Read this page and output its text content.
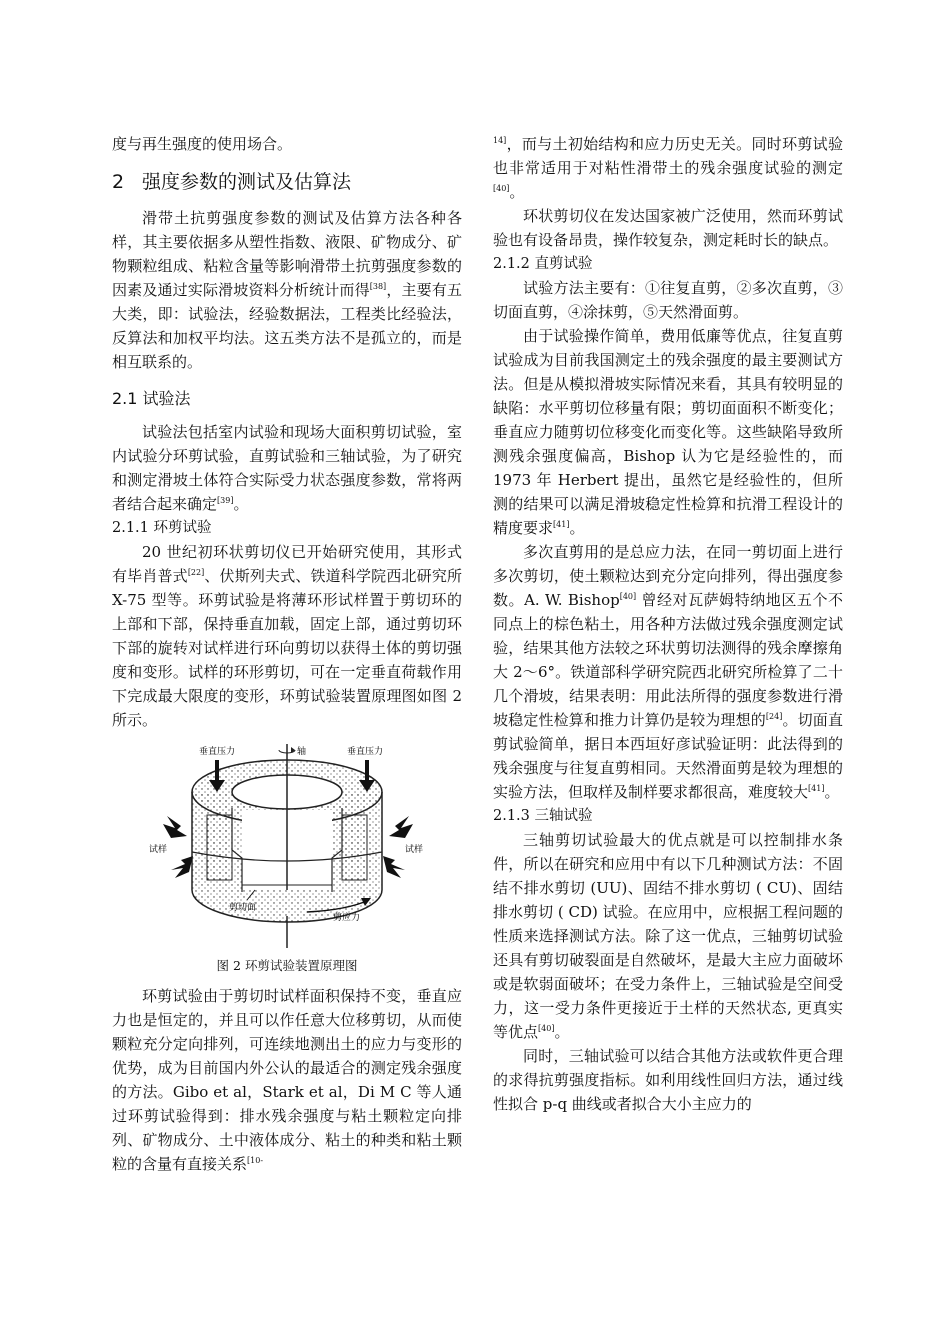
度与再生强度的使用场合。

2 强度参数的测试及估算法

滑带土抗剪强度参数的测试及估算方法各种各样，其主要依据多从塑性指数、液限、矿物成分、矿物颗粒组成、粘粒含量等影响滑带土抗剪强度参数的因素及通过实际滑坡资料分析统计而得[38]，主要有五大类，即：试验法，经验数据法，工程类比经验法，反算法和加权平均法。这五类方法不是孤立的，而是相互联系的。

2.1 试验法

试验法包括室内试验和现场大面积剪切试验，室内试验分环剪试验，直剪试验和三轴试验，为了研究和测定滑坡土体符合实际受力状态强度参数，常将两者结合起来确定[39]。

2.1.1 环剪试验

20 世纪初环状剪切仪已开始研究使用，其形式有毕肖普式[22]、伏斯列夫式、铁道科学院西北研究所 X-75 型等。环剪试验是将薄环形试样置于剪切环的上部和下部，保持垂直加载，固定上部，通过剪切环下部的旋转对试样进行环向剪切以获得土体的剪切强度和变形。试样的环形剪切，可在一定垂直荷载作用下完成最大限度的变形，环剪试验装置原理图如图 2 所示。

轴
垂直压力	垂直压力
试样	试样
剪切面
剪应力
图 2 环剪试验装置原理图

环剪试验由于剪切时试样面积保持不变，垂直应力也是恒定的，并且可以作任意大位移剪切，从而使颗粒充分定向排列，可连续地测出土的应力与变形的优势，成为目前国内外公认的最适合的测定残余强度的方法。Gibo et al，Stark et al，Di M C 等人通过环剪试验得到：排水残余强度与粘土颗粒定向排列、矿物成分、土中液体成分、粘土的种类和粘土颗粒的含量有直接关系$^{[10-}$

$^{14]}$，而与土初始结构和应力历史无关。同时环剪试验也非常适用于对粘性滑带土的残余强度试验的测定[40]。

环状剪切仪在发达国家被广泛使用，然而环剪试验也有设备昂贵，操作较复杂，测定耗时长的缺点。

2.1.2 直剪试验

试验方法主要有：①往复直剪，②多次直剪，③切面直剪，④涂抹剪，⑤天然滑面剪。

由于试验操作简单，费用低廉等优点，往复直剪试验成为目前我国测定土的残余强度的最主要测试方法。但是从模拟滑坡实际情况来看，其具有较明显的缺陷：水平剪切位移量有限；剪切面面积不断变化；垂直应力随剪切位移变化而变化等。这些缺陷导致所测残余强度偏高，Bishop 认为它是经验性的，而 1973 年 Herbert 提出，虽然它是经验性的，但所测的结果可以满足滑坡稳定性检算和抗滑工程设计的精度要求[41]。

多次直剪用的是总应力法，在同一剪切面上进行多次剪切，使土颗粒达到充分定向排列，得出强度参数。A. W. Bishop[40] 曾经对瓦萨姆特纳地区五个不同点上的棕色粘土，用各种方法做过残余强度测定试验，结果其他方法较之环状剪切法测得的残余摩擦角大 2～6°。铁道部科学研究院西北研究所检算了二十几个滑坡，结果表明：用此法所得的强度参数进行滑坡稳定性检算和推力计算仍是较为理想的[24]。切面直剪试验简单，据日本西垣好彦试验证明：此法得到的残余强度与往复直剪相同。天然滑面剪是较为理想的实验方法，但取样及制样要求都很高，难度较大[41]。

2.1.3 三轴试验

三轴剪切试验最大的优点就是可以控制排水条件，所以在研究和应用中有以下几种测试方法：不固结不排水剪切 (UU)、固结不排水剪切 ( CU)、固结排水剪切 ( CD) 试验。在应用中，应根据工程问题的性质来选择测试方法。除了这一优点，三轴剪切试验还具有剪切破裂面是自然破坏，是最大主应力面破坏或是软弱面破坏；在受力条件上，三轴试验是空间受力，这一受力条件更接近于土样的天然状态, 更真实等优点[40]。

同时，三轴试验可以结合其他方法或软件更合理的求得抗剪强度指标。如利用线性回归方法，通过线性拟合 p-q 曲线或者拟合大小主应力的
